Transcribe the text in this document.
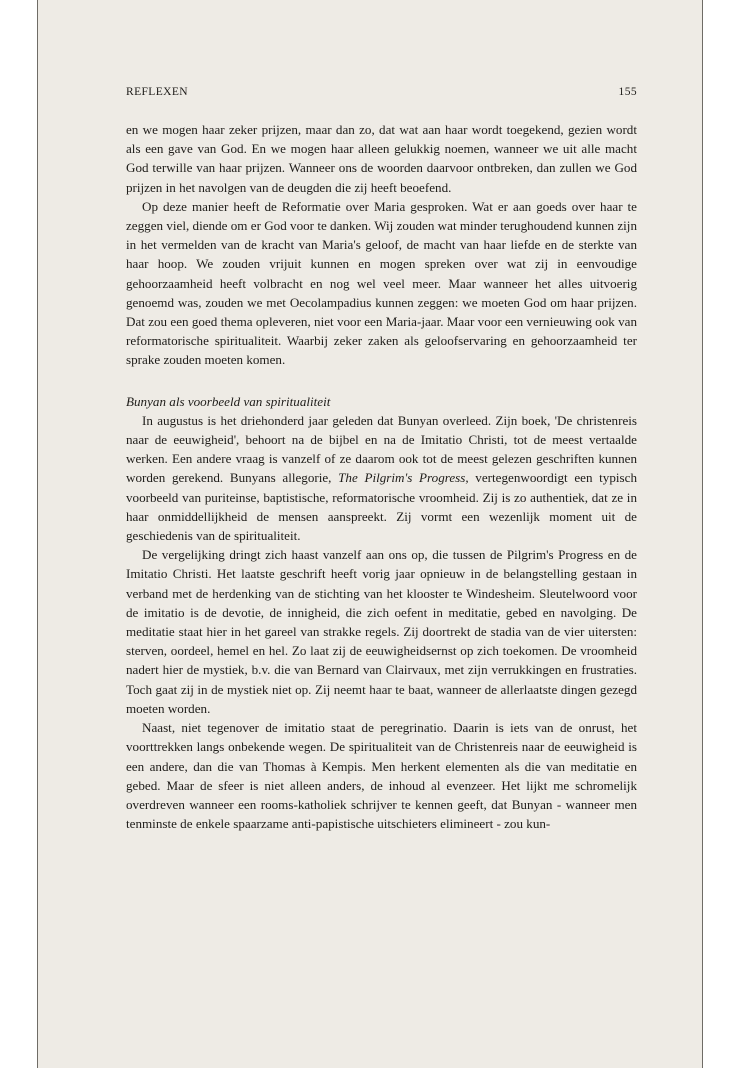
REFLEXEN	155

en we mogen haar zeker prijzen, maar dan zo, dat wat aan haar wordt toegekend, gezien wordt als een gave van God. En we mogen haar alleen gelukkig noemen, wanneer we uit alle macht God terwille van haar prijzen. Wanneer ons de woorden daarvoor ontbreken, dan zullen we God prijzen in het navolgen van de deugden die zij heeft beoefend.

Op deze manier heeft de Reformatie over Maria gesproken. Wat er aan goeds over haar te zeggen viel, diende om er God voor te danken. Wij zouden wat minder terughoudend kunnen zijn in het vermelden van de kracht van Maria's geloof, de macht van haar liefde en de sterkte van haar hoop. We zouden vrijuit kunnen en mogen spreken over wat zij in eenvoudige gehoorzaamheid heeft volbracht en nog wel veel meer. Maar wanneer het alles uitvoerig genoemd was, zouden we met Oecolampadius kunnen zeggen: we moeten God om haar prijzen. Dat zou een goed thema opleveren, niet voor een Maria-jaar. Maar voor een vernieuwing ook van reformatorische spiritualiteit. Waarbij zeker zaken als geloofservaring en gehoorzaamheid ter sprake zouden moeten komen.

Bunyan als voorbeeld van spiritualiteit

In augustus is het driehonderd jaar geleden dat Bunyan overleed. Zijn boek, 'De christenreis naar de eeuwigheid', behoort na de bijbel en na de Imitatio Christi, tot de meest vertaalde werken. Een andere vraag is vanzelf of ze daarom ook tot de meest gelezen geschriften kunnen worden gerekend. Bunyans allegorie, The Pilgrim's Progress, vertegenwoordigt een typisch voorbeeld van puriteinse, baptistische, reformatorische vroomheid. Zij is zo authentiek, dat ze in haar onmiddellijkheid de mensen aanspreekt. Zij vormt een wezenlijk moment uit de geschiedenis van de spiritualiteit.

De vergelijking dringt zich haast vanzelf aan ons op, die tussen de Pilgrim's Progress en de Imitatio Christi. Het laatste geschrift heeft vorig jaar opnieuw in de belangstelling gestaan in verband met de herdenking van de stichting van het klooster te Windesheim. Sleutelwoord voor de imitatio is de devotie, de innigheid, die zich oefent in meditatie, gebed en navolging. De meditatie staat hier in het gareel van strakke regels. Zij doortrekt de stadia van de vier uitersten: sterven, oordeel, hemel en hel. Zo laat zij de eeuwigheidsernst op zich toekomen. De vroomheid nadert hier de mystiek, b.v. die van Bernard van Clairvaux, met zijn verrukkingen en frustraties. Toch gaat zij in de mystiek niet op. Zij neemt haar te baat, wanneer de allerlaatste dingen gezegd moeten worden.

Naast, niet tegenover de imitatio staat de peregrinatio. Daarin is iets van de onrust, het voorttrekken langs onbekende wegen. De spiritualiteit van de Christenreis naar de eeuwigheid is een andere, dan die van Thomas à Kempis. Men herkent elementen als die van meditatie en gebed. Maar de sfeer is niet alleen anders, de inhoud al evenzeer. Het lijkt me schromelijk overdreven wanneer een rooms-katholiek schrijver te kennen geeft, dat Bunyan - wanneer men tenminste de enkele spaarzame anti-papistische uitschieters elimineert - zou kun-
